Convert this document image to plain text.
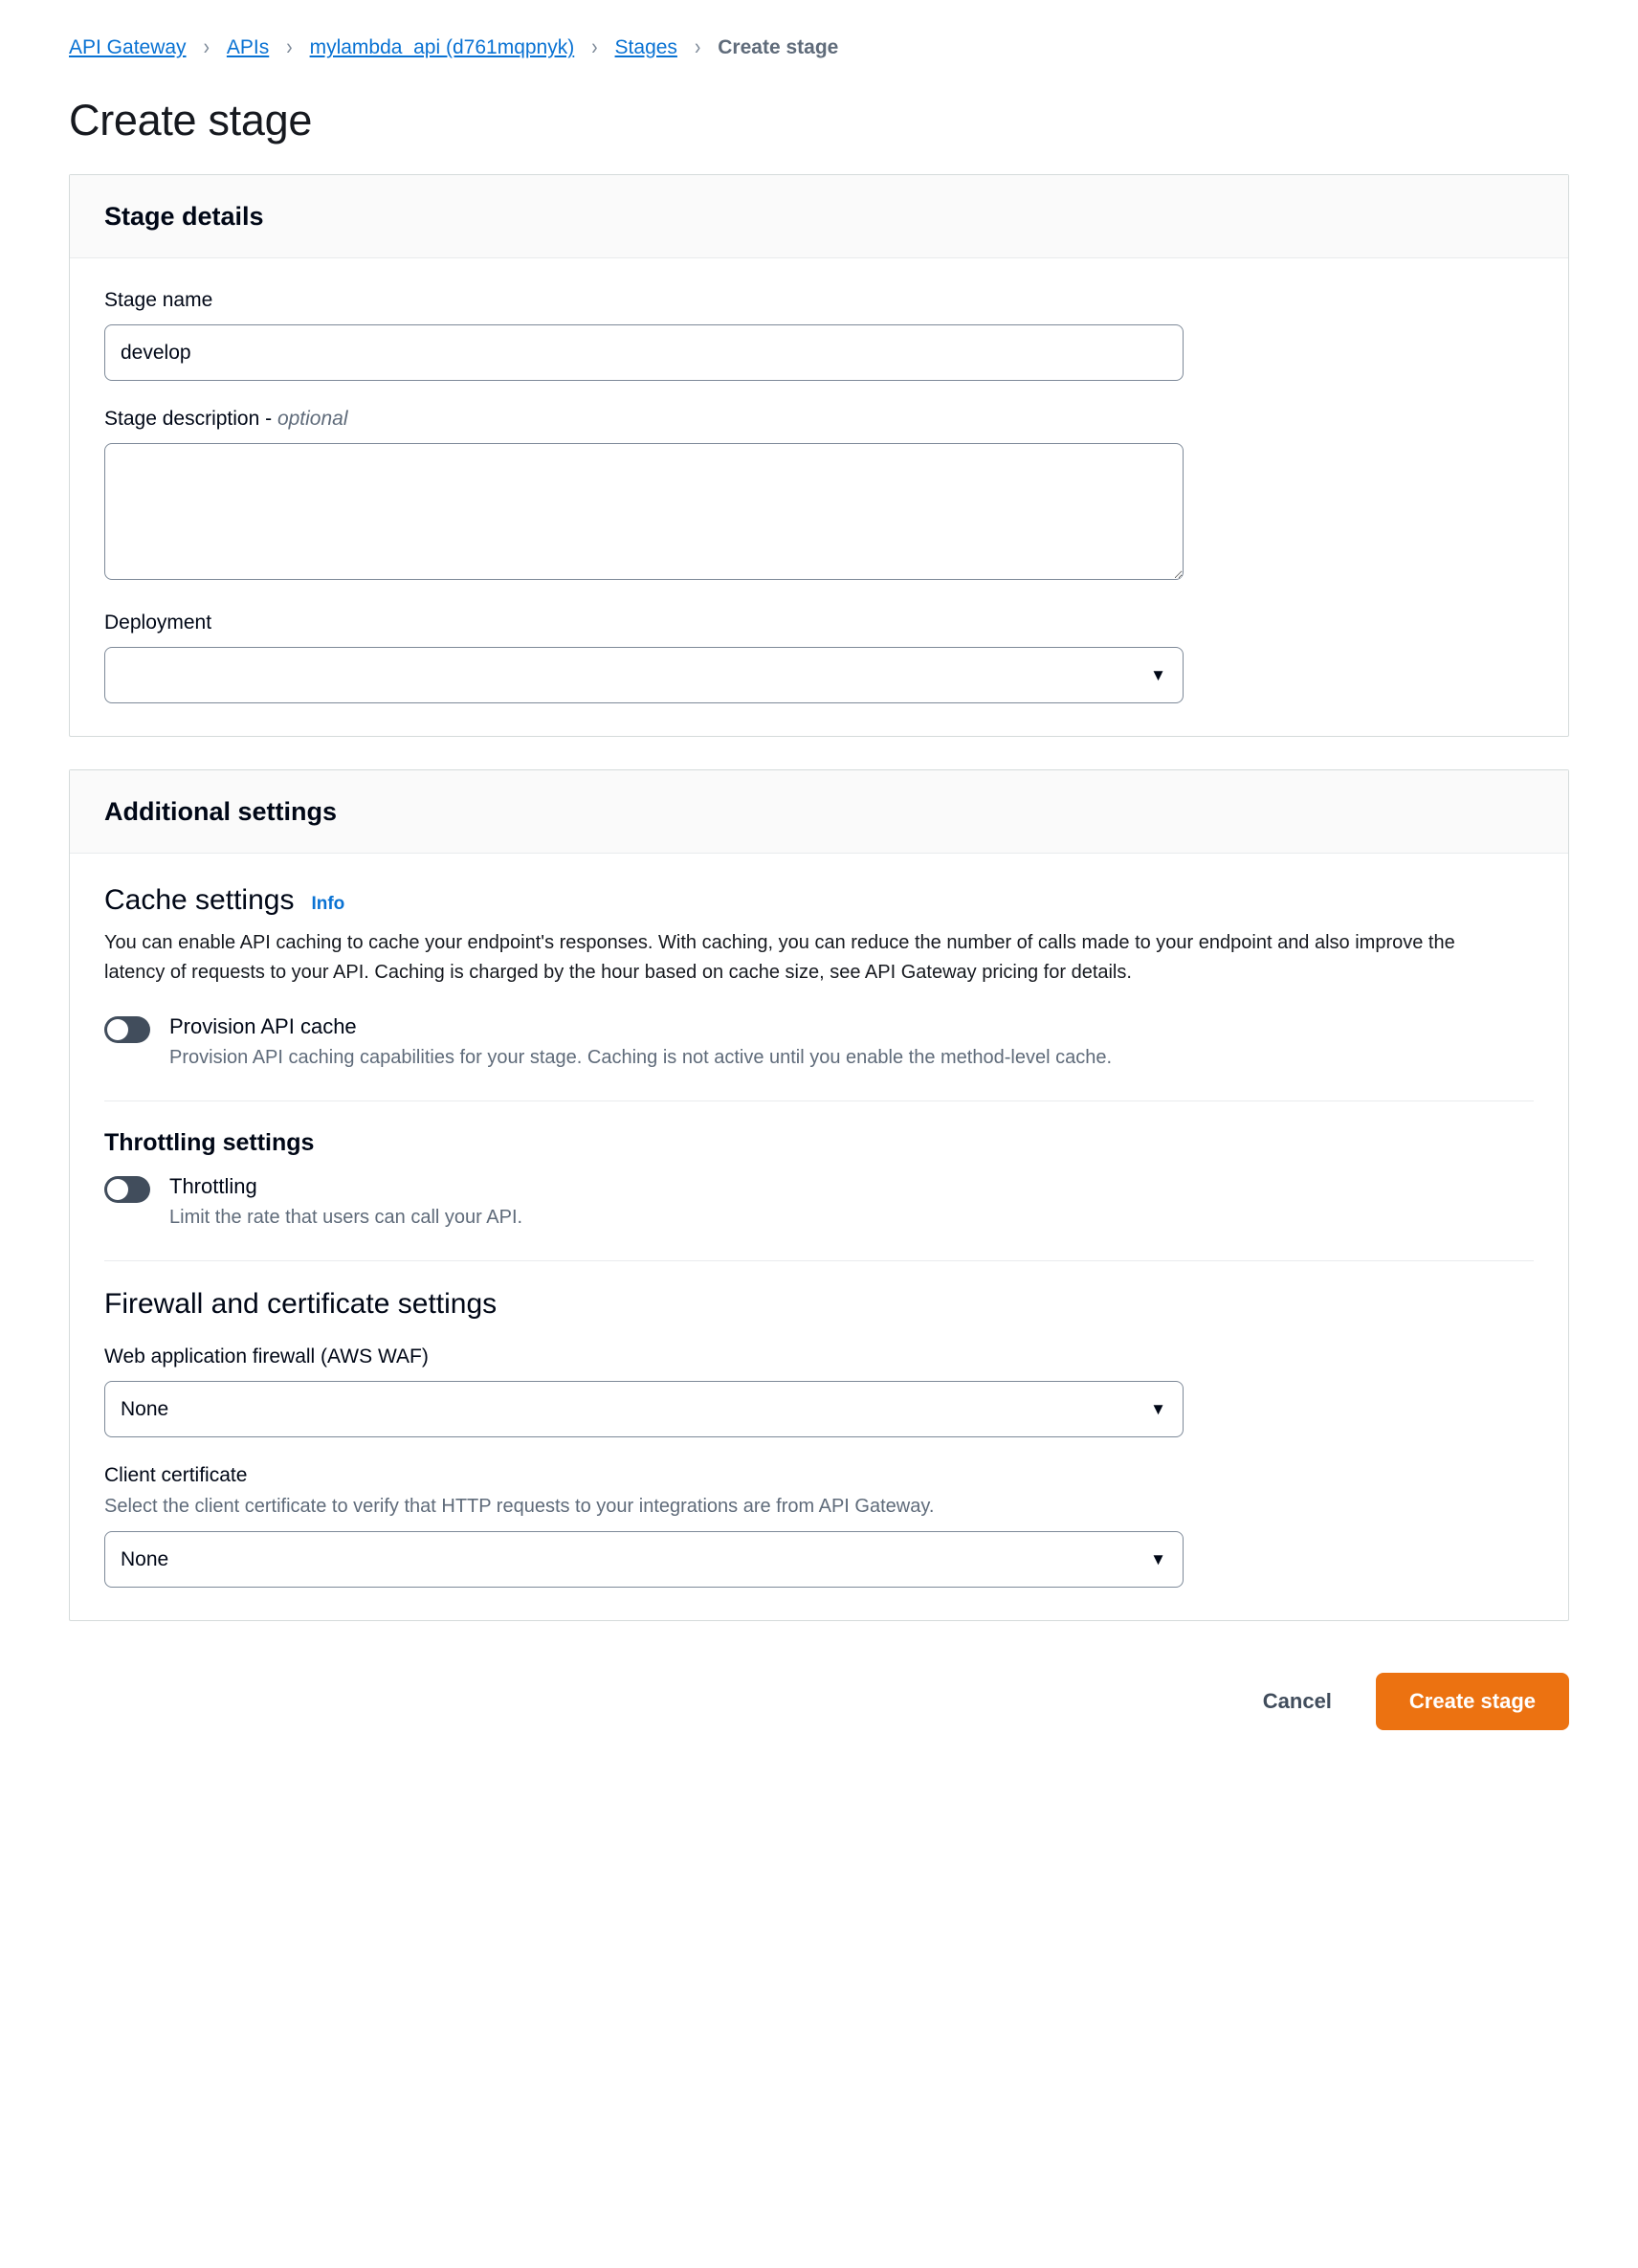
API Gateway › APIs › mylambda_api (d761mqpnyk) › Stages › Create stage
Create stage
Stage details
Stage name
develop
Stage description - optional
Deployment
▼
Additional settings
Cache settings Info

You can enable API caching to cache your endpoint's responses. With caching, you can reduce the number of calls made to your endpoint and also improve the latency of requests to your API. Caching is charged by the hour based on cache size, see API Gateway pricing for details.

Provision API cache
Provision API caching capabilities for your stage. Caching is not active until you enable the method-level cache.
Throttling settings
Throttling
Limit the rate that users can call your API.
Firewall and certificate settings
Web application firewall (AWS WAF)
None	▼
Client certificate

Select the client certificate to verify that HTTP requests to your integrations are from API Gateway.

None	▼
Cancel	Create stage
